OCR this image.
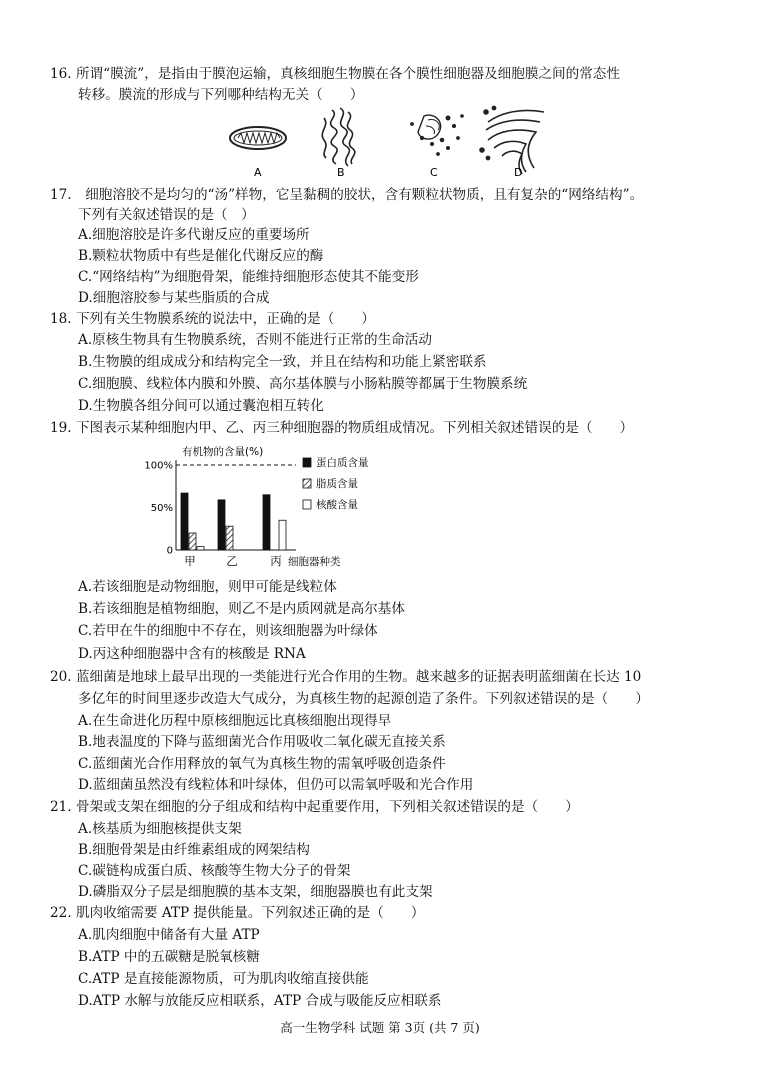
16. 所谓“膜流”，是指由于膜泡运输，真核细胞生物膜在各个膜性细胞器及细胞膜之间的常态性
转移。膜流的形成与下列哪种结构无关（　　）
A	B	C	D
17.　细胞溶胶不是均匀的“汤”样物，它呈黏稠的胶状，含有颗粒状物质，且有复杂的“网络结构”。
下列有关叙述错误的是（　）
A.细胞溶胶是许多代谢反应的重要场所
B.颗粒状物质中有些是催化代谢反应的酶
C.“网络结构”为细胞骨架，能维持细胞形态使其不能变形
D.细胞溶胶参与某些脂质的合成
18. 下列有关生物膜系统的说法中，正确的是（　　）
A.原核生物具有生物膜系统，否则不能进行正常的生命活动
B.生物膜的组成成分和结构完全一致，并且在结构和功能上紧密联系
C.细胞膜、线粒体内膜和外膜、高尔基体膜与小肠粘膜等都属于生物膜系统
D.生物膜各组分间可以通过囊泡相互转化
19. 下图表示某种细胞内甲、乙、丙三种细胞器的物质组成情况。下列相关叙述错误的是（　　）
有机物的含量(%)
100%
50%
0
甲	乙	丙 细胞器种类
蛋白质含量
脂质含量
核酸含量
A.若该细胞是动物细胞，则甲可能是线粒体
B.若该细胞是植物细胞，则乙不是内质网就是高尔基体
C.若甲在牛的细胞中不存在，则该细胞器为叶绿体
D.丙这种细胞器中含有的核酸是 RNA
20. 蓝细菌是地球上最早出现的一类能进行光合作用的生物。越来越多的证据表明蓝细菌在长达 10
多亿年的时间里逐步改造大气成分，为真核生物的起源创造了条件。下列叙述错误的是（　　）
A.在生命进化历程中原核细胞远比真核细胞出现得早
B.地表温度的下降与蓝细菌光合作用吸收二氧化碳无直接关系
C.蓝细菌光合作用释放的氧气为真核生物的需氧呼吸创造条件
D.蓝细菌虽然没有线粒体和叶绿体，但仍可以需氧呼吸和光合作用
21. 骨架或支架在细胞的分子组成和结构中起重要作用，下列相关叙述错误的是（　　）
A.核基质为细胞核提供支架
B.细胞骨架是由纤维素组成的网架结构
C.碳链构成蛋白质、核酸等生物大分子的骨架
D.磷脂双分子层是细胞膜的基本支架，细胞器膜也有此支架
22. 肌肉收缩需要 ATP 提供能量。下列叙述正确的是（　　）
A.肌肉细胞中储备有大量 ATP
B.ATP 中的五碳糖是脱氧核糖
C.ATP 是直接能源物质，可为肌肉收缩直接供能
D.ATP 水解与放能反应相联系，ATP 合成与吸能反应相联系
高一生物学科 试题 第 3页 (共 7 页)
